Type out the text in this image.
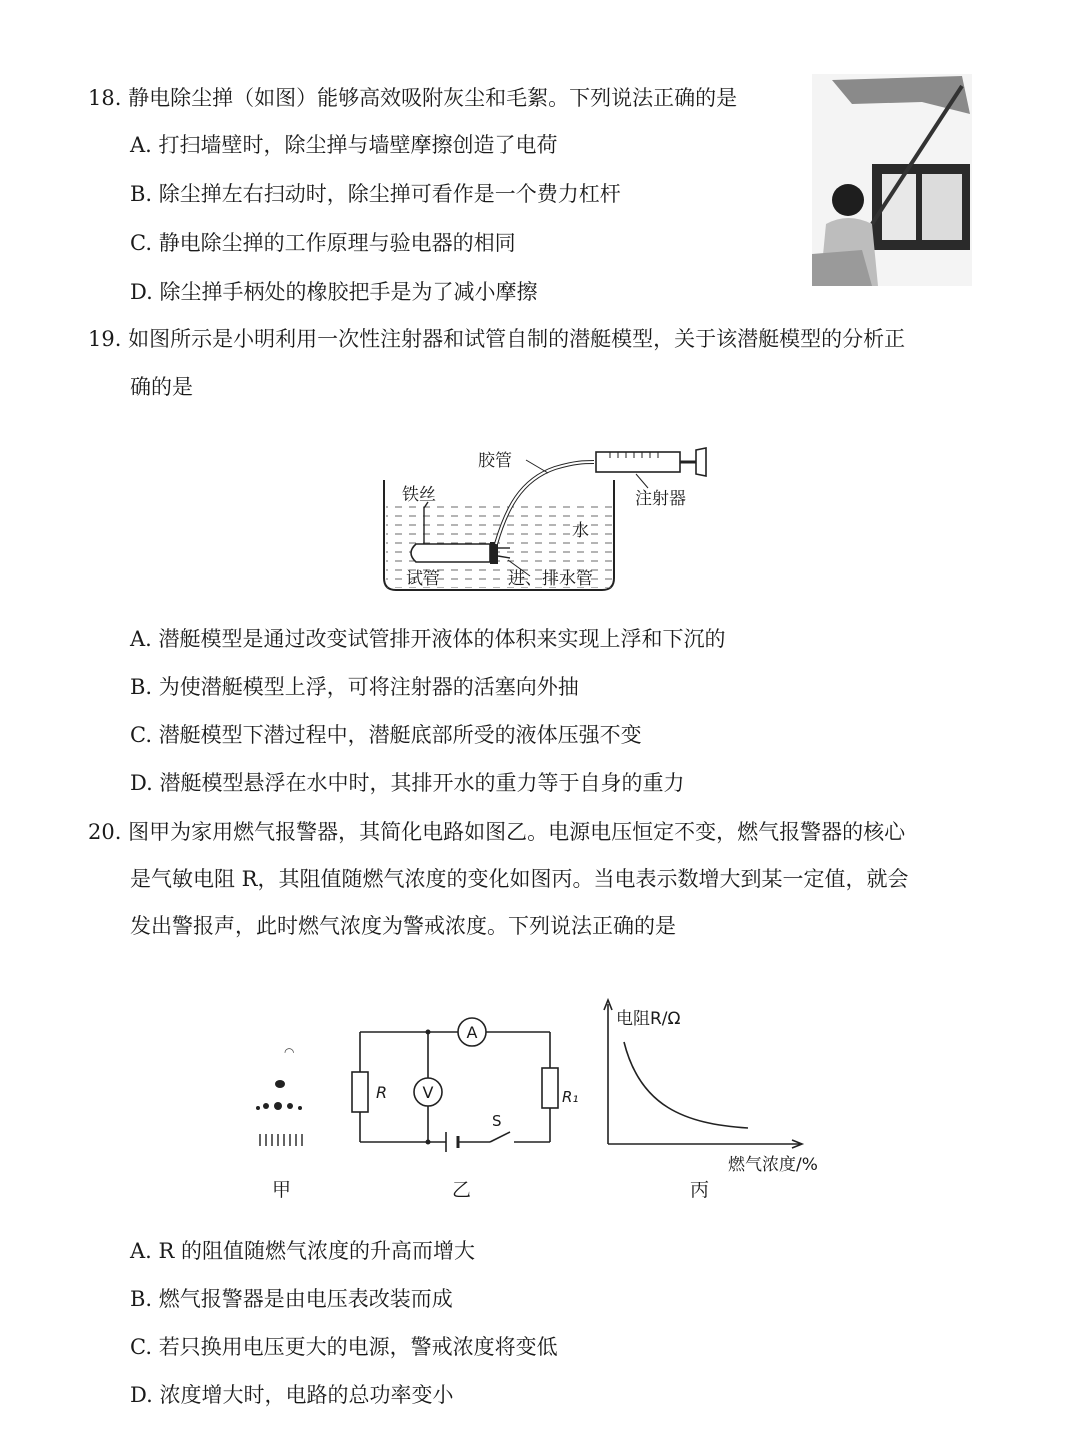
18. 静电除尘掸（如图）能够高效吸附灰尘和毛絮。下列说法正确的是
A. 打扫墙壁时，除尘掸与墙壁摩擦创造了电荷
B. 除尘掸左右扫动时，除尘掸可看作是一个费力杠杆
C. 静电除尘掸的工作原理与验电器的相同
D. 除尘掸手柄处的橡胶把手是为了减小摩擦
19. 如图所示是小明利用一次性注射器和试管自制的潜艇模型，关于该潜艇模型的分析正
确的是
胶管
注射器
铁丝
水
试管	进、排水管
A. 潜艇模型是通过改变试管排开液体的体积来实现上浮和下沉的
B. 为使潜艇模型上浮，可将注射器的活塞向外抽
C. 潜艇模型下潜过程中，潜艇底部所受的液体压强不变
D. 潜艇模型悬浮在水中时，其排开水的重力等于自身的重力
20. 图甲为家用燃气报警器，其简化电路如图乙。电源电压恒定不变，燃气报警器的核心
是气敏电阻 R，其阻值随燃气浓度的变化如图丙。当电表示数增大到某一定值，就会
发出警报声，此时燃气浓度为警戒浓度。下列说法正确的是
◠
甲
A
V
R	R₁
S
乙
电阻R/Ω
燃气浓度/%
丙
A. R 的阻值随燃气浓度的升高而增大
B. 燃气报警器是由电压表改装而成
C. 若只换用电压更大的电源，警戒浓度将变低
D. 浓度增大时，电路的总功率变小
